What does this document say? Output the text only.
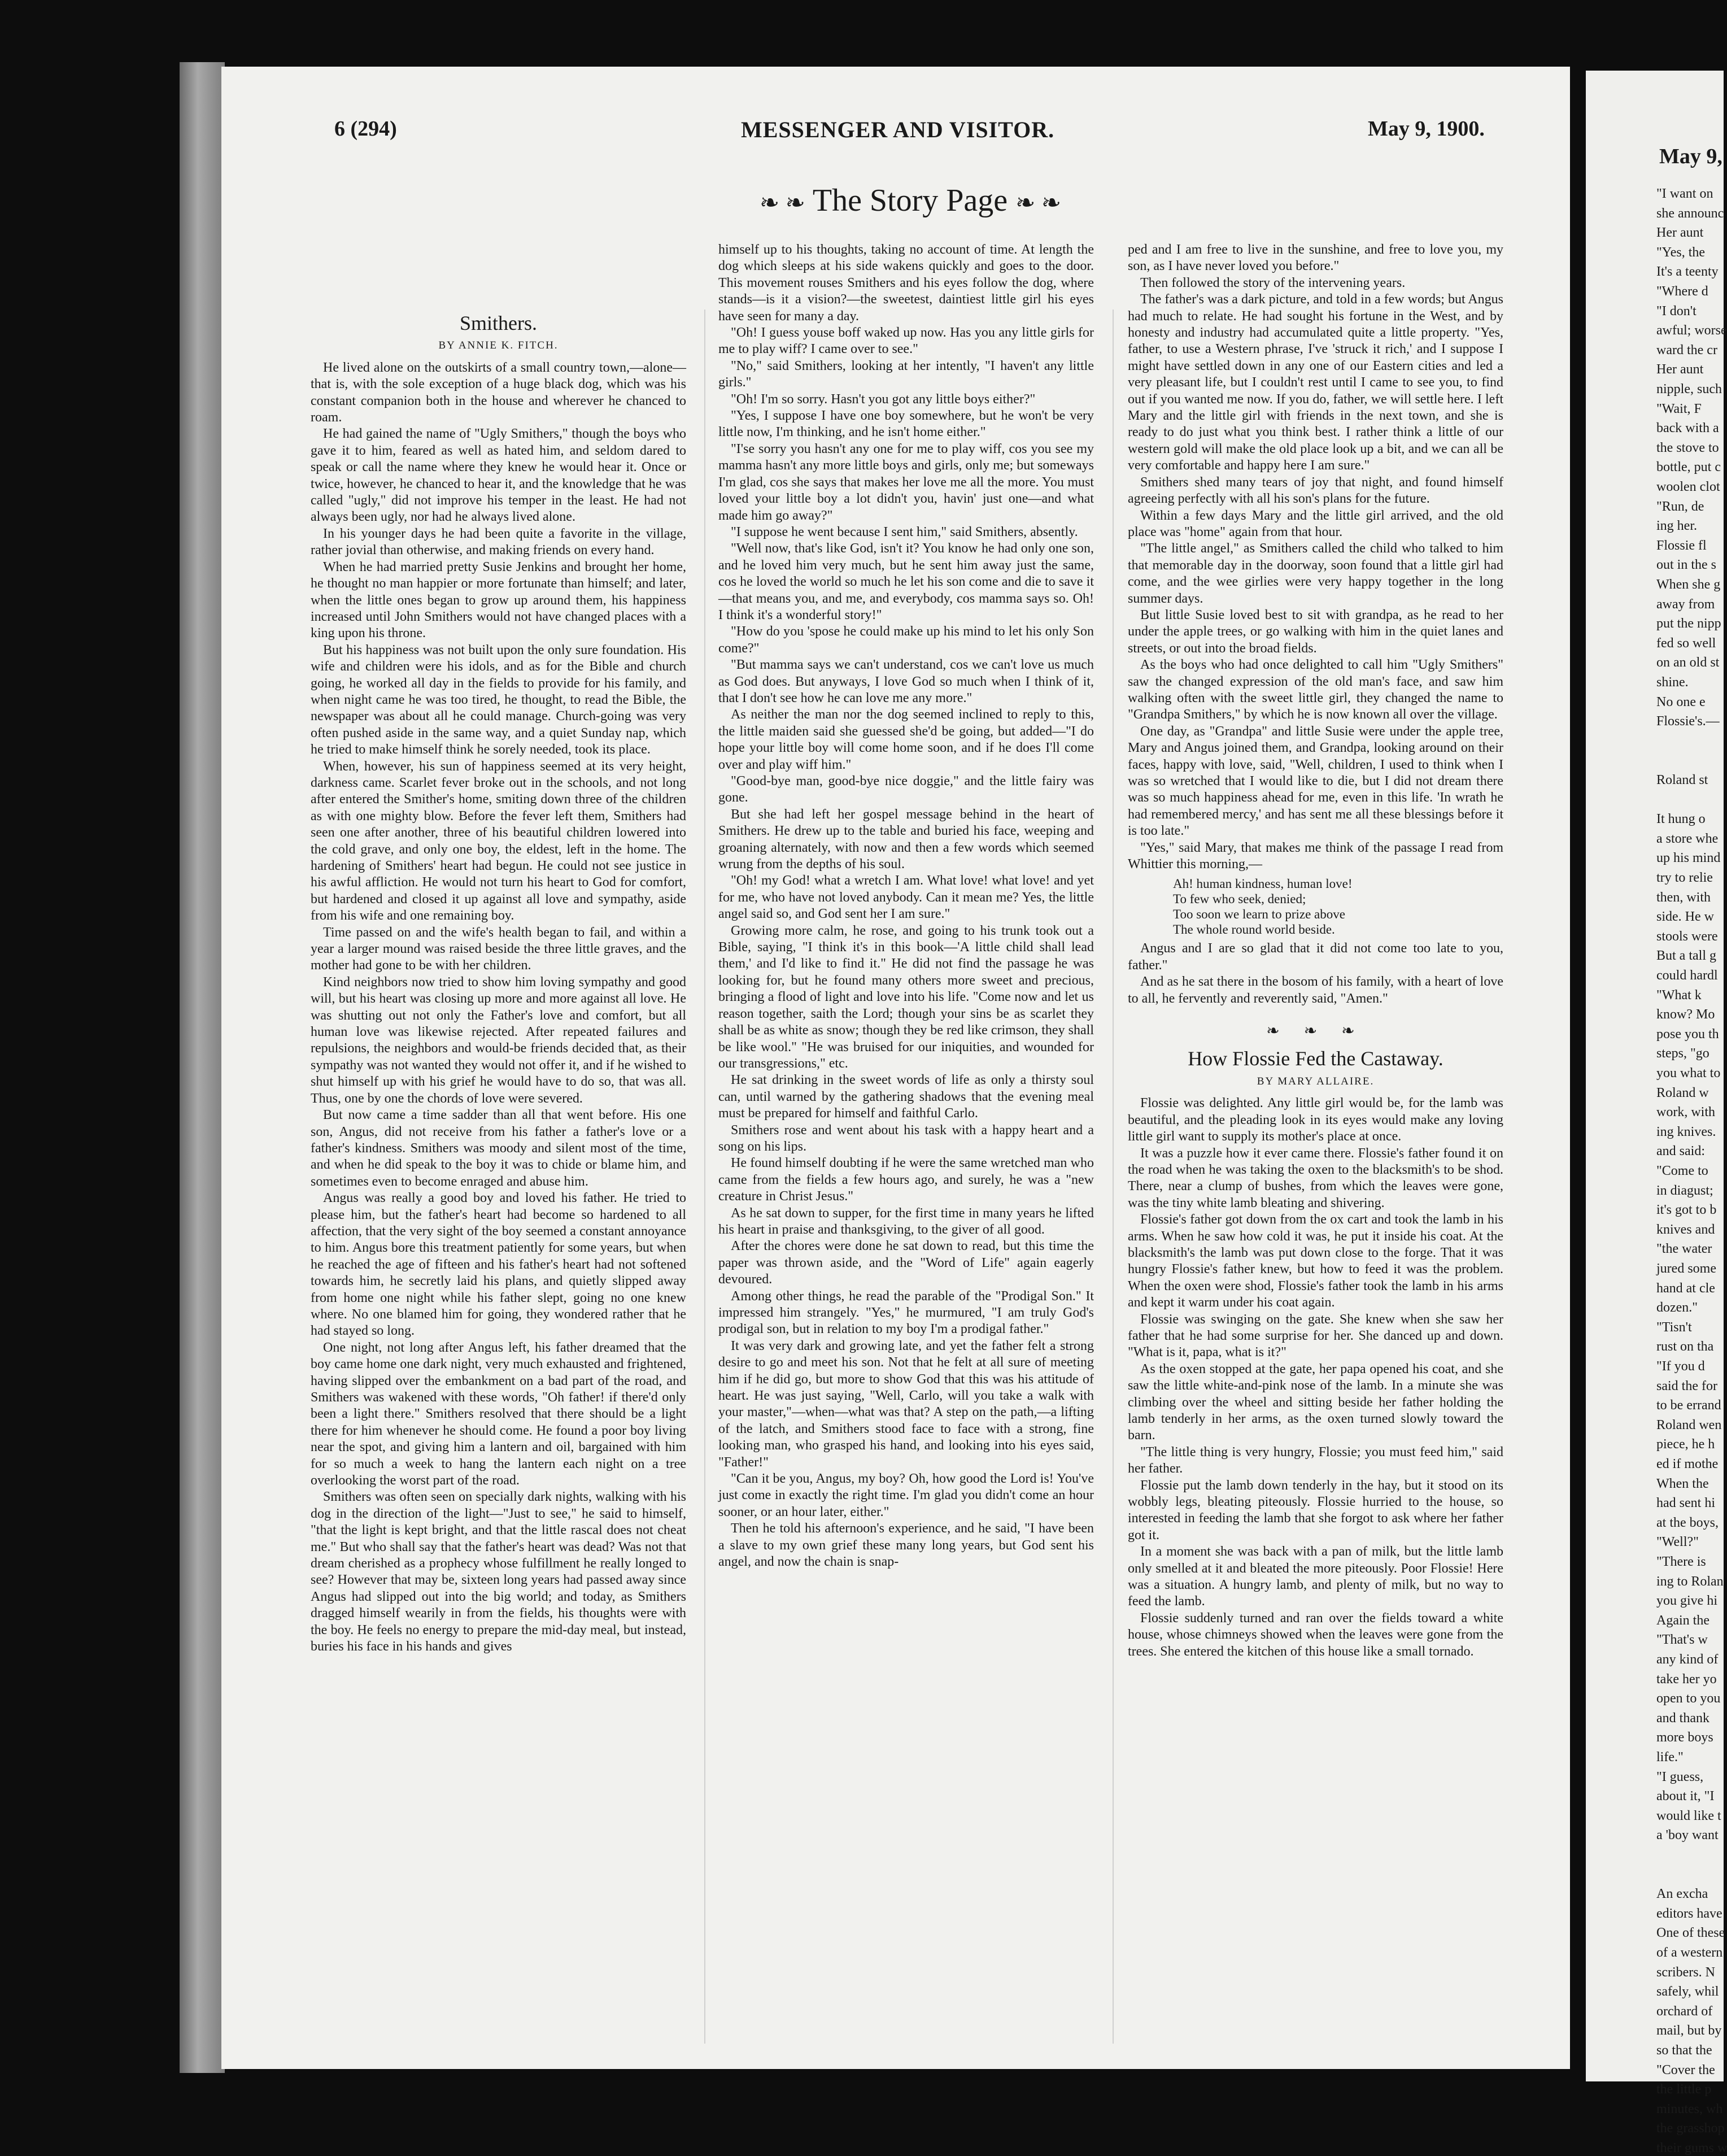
6 (294)	MESSENGER AND VISITOR.	May 9, 1900.
❧ ❧ The Story Page ❧ ❧
Smithers.
BY ANNIE K. FITCH.

He lived alone on the outskirts of a small country town,—alone—that is, with the sole exception of a huge black dog, which was his constant companion both in the house and wherever he chanced to roam.

He had gained the name of "Ugly Smithers," though the boys who gave it to him, feared as well as hated him, and seldom dared to speak or call the name where they knew he would hear it. Once or twice, however, he chanced to hear it, and the knowledge that he was called "ugly," did not improve his temper in the least. He had not always been ugly, nor had he always lived alone.

In his younger days he had been quite a favorite in the village, rather jovial than otherwise, and making friends on every hand.

When he had married pretty Susie Jenkins and brought her home, he thought no man happier or more fortunate than himself; and later, when the little ones began to grow up around them, his happiness increased until John Smithers would not have changed places with a king upon his throne.

But his happiness was not built upon the only sure foundation. His wife and children were his idols, and as for the Bible and church going, he worked all day in the fields to provide for his family, and when night came he was too tired, he thought, to read the Bible, the newspaper was about all he could manage. Church-going was very often pushed aside in the same way, and a quiet Sunday nap, which he tried to make himself think he sorely needed, took its place.

When, however, his sun of happiness seemed at its very height, darkness came. Scarlet fever broke out in the schools, and not long after entered the Smither's home, smiting down three of the children as with one mighty blow. Before the fever left them, Smithers had seen one after another, three of his beautiful children lowered into the cold grave, and only one boy, the eldest, left in the home. The hardening of Smithers' heart had begun. He could not see justice in his awful affliction. He would not turn his heart to God for comfort, but hardened and closed it up against all love and sympathy, aside from his wife and one remaining boy.

Time passed on and the wife's health began to fail, and within a year a larger mound was raised beside the three little graves, and the mother had gone to be with her children.

Kind neighbors now tried to show him loving sympathy and good will, but his heart was closing up more and more against all love. He was shutting out not only the Father's love and comfort, but all human love was likewise rejected. After repeated failures and repulsions, the neighbors and would-be friends decided that, as their sympathy was not wanted they would not offer it, and if he wished to shut himself up with his grief he would have to do so, that was all. Thus, one by one the chords of love were severed.

But now came a time sadder than all that went before. His one son, Angus, did not receive from his father a father's love or a father's kindness. Smithers was moody and silent most of the time, and when he did speak to the boy it was to chide or blame him, and sometimes even to become enraged and abuse him.

Angus was really a good boy and loved his father. He tried to please him, but the father's heart had become so hardened to all affection, that the very sight of the boy seemed a constant annoyance to him. Angus bore this treatment patiently for some years, but when he reached the age of fifteen and his father's heart had not softened towards him, he secretly laid his plans, and quietly slipped away from home one night while his father slept, going no one knew where. No one blamed him for going, they wondered rather that he had stayed so long.

One night, not long after Angus left, his father dreamed that the boy came home one dark night, very much exhausted and frightened, having slipped over the embankment on a bad part of the road, and Smithers was wakened with these words, "Oh father! if there'd only been a light there." Smithers resolved that there should be a light there for him whenever he should come. He found a poor boy living near the spot, and giving him a lantern and oil, bargained with him for so much a week to hang the lantern each night on a tree overlooking the worst part of the road.

Smithers was often seen on specially dark nights, walking with his dog in the direction of the light—"Just to see," he said to himself, "that the light is kept bright, and that the little rascal does not cheat me." But who shall say that the father's heart was dead? Was not that dream cherished as a prophecy whose fulfillment he really longed to see? However that may be, sixteen long years had passed away since Angus had slipped out into the big world; and today, as Smithers dragged himself wearily in from the fields, his thoughts were with the boy. He feels no energy to prepare the mid-day meal, but instead, buries his face in his hands and gives

himself up to his thoughts, taking no account of time. At length the dog which sleeps at his side wakens quickly and goes to the door. This movement rouses Smithers and his eyes follow the dog, where stands—is it a vision?—the sweetest, daintiest little girl his eyes have seen for many a day.

"Oh! I guess youse boff waked up now. Has you any little girls for me to play wiff? I came over to see."

"No," said Smithers, looking at her intently, "I haven't any little girls."

"Oh! I'm so sorry. Hasn't you got any little boys either?"

"Yes, I suppose I have one boy somewhere, but he won't be very little now, I'm thinking, and he isn't home either."

"I'se sorry you hasn't any one for me to play wiff, cos you see my mamma hasn't any more little boys and girls, only me; but someways I'm glad, cos she says that makes her love me all the more. You must loved your little boy a lot didn't you, havin' just one—and what made him go away?"

"I suppose he went because I sent him," said Smithers, absently.

"Well now, that's like God, isn't it? You know he had only one son, and he loved him very much, but he sent him away just the same, cos he loved the world so much he let his son come and die to save it—that means you, and me, and everybody, cos mamma says so. Oh! I think it's a wonderful story!"

"How do you 'spose he could make up his mind to let his only Son come?"

"But mamma says we can't understand, cos we can't love us much as God does. But anyways, I love God so much when I think of it, that I don't see how he can love me any more."

As neither the man nor the dog seemed inclined to reply to this, the little maiden said she guessed she'd be going, but added—"I do hope your little boy will come home soon, and if he does I'll come over and play wiff him."

"Good-bye man, good-bye nice doggie," and the little fairy was gone.

But she had left her gospel message behind in the heart of Smithers. He drew up to the table and buried his face, weeping and groaning alternately, with now and then a few words which seemed wrung from the depths of his soul.

"Oh! my God! what a wretch I am. What love! what love! and yet for me, who have not loved anybody. Can it mean me? Yes, the little angel said so, and God sent her I am sure."

Growing more calm, he rose, and going to his trunk took out a Bible, saying, "I think it's in this book—'A little child shall lead them,' and I'd like to find it." He did not find the passage he was looking for, but he found many others more sweet and precious, bringing a flood of light and love into his life. "Come now and let us reason together, saith the Lord; though your sins be as scarlet they shall be as white as snow; though they be red like crimson, they shall be like wool." "He was bruised for our iniquities, and wounded for our transgressions," etc.

He sat drinking in the sweet words of life as only a thirsty soul can, until warned by the gathering shadows that the evening meal must be prepared for himself and faithful Carlo.

Smithers rose and went about his task with a happy heart and a song on his lips.

He found himself doubting if he were the same wretched man who came from the fields a few hours ago, and surely, he was a "new creature in Christ Jesus."

As he sat down to supper, for the first time in many years he lifted his heart in praise and thanksgiving, to the giver of all good.

After the chores were done he sat down to read, but this time the paper was thrown aside, and the "Word of Life" again eagerly devoured.

Among other things, he read the parable of the "Prodigal Son." It impressed him strangely. "Yes," he murmured, "I am truly God's prodigal son, but in relation to my boy I'm a prodigal father."

It was very dark and growing late, and yet the father felt a strong desire to go and meet his son. Not that he felt at all sure of meeting him if he did go, but more to show God that this was his attitude of heart. He was just saying, "Well, Carlo, will you take a walk with your master,"—when—what was that? A step on the path,—a lifting of the latch, and Smithers stood face to face with a strong, fine looking man, who grasped his hand, and looking into his eyes said, "Father!"

"Can it be you, Angus, my boy? Oh, how good the Lord is! You've just come in exactly the right time. I'm glad you didn't come an hour sooner, or an hour later, either."

Then he told his afternoon's experience, and he said, "I have been a slave to my own grief these many long years, but God sent his angel, and now the chain is snap-

ped and I am free to live in the sunshine, and free to love you, my son, as I have never loved you before."

Then followed the story of the intervening years.

The father's was a dark picture, and told in a few words; but Angus had much to relate. He had sought his fortune in the West, and by honesty and industry had accumulated quite a little property. "Yes, father, to use a Western phrase, I've 'struck it rich,' and I suppose I might have settled down in any one of our Eastern cities and led a very pleasant life, but I couldn't rest until I came to see you, to find out if you wanted me now. If you do, father, we will settle here. I left Mary and the little girl with friends in the next town, and she is ready to do just what you think best. I rather think a little of our western gold will make the old place look up a bit, and we can all be very comfortable and happy here I am sure."

Smithers shed many tears of joy that night, and found himself agreeing perfectly with all his son's plans for the future.

Within a few days Mary and the little girl arrived, and the old place was "home" again from that hour.

"The little angel," as Smithers called the child who talked to him that memorable day in the doorway, soon found that a little girl had come, and the wee girlies were very happy together in the long summer days.

But little Susie loved best to sit with grandpa, as he read to her under the apple trees, or go walking with him in the quiet lanes and streets, or out into the broad fields.

As the boys who had once delighted to call him "Ugly Smithers" saw the changed expression of the old man's face, and saw him walking often with the sweet little girl, they changed the name to "Grandpa Smithers," by which he is now known all over the village.

One day, as "Grandpa" and little Susie were under the apple tree, Mary and Angus joined them, and Grandpa, looking around on their faces, happy with love, said, "Well, children, I used to think when I was so wretched that I would like to die, but I did not dream there was so much happiness ahead for me, even in this life. 'In wrath he had remembered mercy,' and has sent me all these blessings before it is too late."

"Yes," said Mary, that makes me think of the passage I read from Whittier this morning,—

Ah! human kindness, human love!
To few who seek, denied;
Too soon we learn to prize above
The whole round world beside.

Angus and I are so glad that it did not come too late to you, father."

And as he sat there in the bosom of his family, with a heart of love to all, he fervently and reverently said, "Amen."

❧ ❧ ❧
How Flossie Fed the Castaway.
BY MARY ALLAIRE.

Flossie was delighted. Any little girl would be, for the lamb was beautiful, and the pleading look in its eyes would make any loving little girl want to supply its mother's place at once.

It was a puzzle how it ever came there. Flossie's father found it on the road when he was taking the oxen to the blacksmith's to be shod. There, near a clump of bushes, from which the leaves were gone, was the tiny white lamb bleating and shivering.

Flossie's father got down from the ox cart and took the lamb in his arms. When he saw how cold it was, he put it inside his coat. At the blacksmith's the lamb was put down close to the forge. That it was hungry Flossie's father knew, but how to feed it was the problem. When the oxen were shod, Flossie's father took the lamb in his arms and kept it warm under his coat again.

Flossie was swinging on the gate. She knew when she saw her father that he had some surprise for her. She danced up and down. "What is it, papa, what is it?"

As the oxen stopped at the gate, her papa opened his coat, and she saw the little white-and-pink nose of the lamb. In a minute she was climbing over the wheel and sitting beside her father holding the lamb tenderly in her arms, as the oxen turned slowly toward the barn.

"The little thing is very hungry, Flossie; you must feed him," said her father.

Flossie put the lamb down tenderly in the hay, but it stood on its wobbly legs, bleating piteously. Flossie hurried to the house, so interested in feeding the lamb that she forgot to ask where her father got it.

In a moment she was back with a pan of milk, but the little lamb only smelled at it and bleated the more piteously. Poor Flossie! Here was a situation. A hungry lamb, and plenty of milk, but no way to feed the lamb.

Flossie suddenly turned and ran over the fields toward a white house, whose chimneys showed when the leaves were gone from the trees. She entered the kitchen of this house like a small tornado.

May 9,
"I want on
she announc
Her aunt
"Yes, the
It's a teenty
"Where d
"I don't
awful; worse
ward the cr
Her aunt
nipple, such
"Wait, F
back with a
the stove to
bottle, put c
woolen clot
"Run, de
ing her.
Flossie fl
out in the s
When she g
away from
put the nipp
fed so well
on an old st
shine.
No one e
Flossie's.—
Roland st
It hung o
a store whe
up his mind
try to relie
then, with
side. He w
stools were
But a tall g
could hardl
"What k
know? Mo
pose you th
steps, "go
you what to
Roland w
work, with
ing knives.
and said:
"Come to
in diagust;
it's got to b
knives and
"the water
jured some
hand at cle
dozen."
"Tisn't
rust on tha
"If you d
said the for
to be errand
Roland wen
piece, he h
ed if mothe
When the
had sent hi
at the boys,
"Well?"
"There is
ing to Rolan
you give hi
Again the
"That's w
any kind of
take her yo
open to you
and thank
more boys
life."
"I guess,
about it, "I
would like t
a 'boy want
An excha
editors have
One of these
of a western
scribers. N
safely, whil
orchard of
mail, but by
so that the
"Cover the
the little p
minutes, wh
the grasshop
their gums w
